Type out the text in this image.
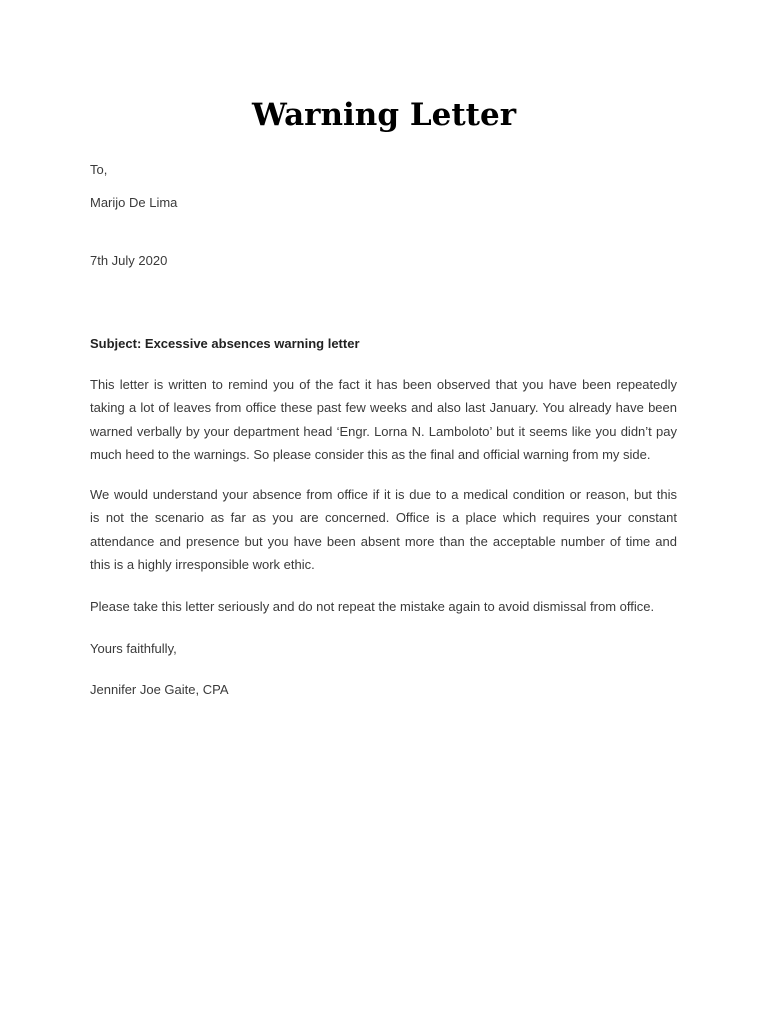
Warning Letter

To,

Marijo De Lima

7th July 2020

Subject: Excessive absences warning letter

This letter is written to remind you of the fact it has been observed that you have been repeatedly
taking a lot of leaves from office these past few weeks and also last January. You already have been
warned verbally by your department head ‘Engr. Lorna N. Lamboloto’ but it seems like you didn’t pay
much heed to the warnings. So please consider this as the final and official warning from my side.
We would understand your absence from office if it is due to a medical condition or reason, but this
is not the scenario as far as you are concerned. Office is a place which requires your constant
attendance and presence but you have been absent more than the acceptable number of time and
this is a highly irresponsible work ethic.

Please take this letter seriously and do not repeat the mistake again to avoid dismissal from office.

Yours faithfully,

Jennifer Joe Gaite, CPA
